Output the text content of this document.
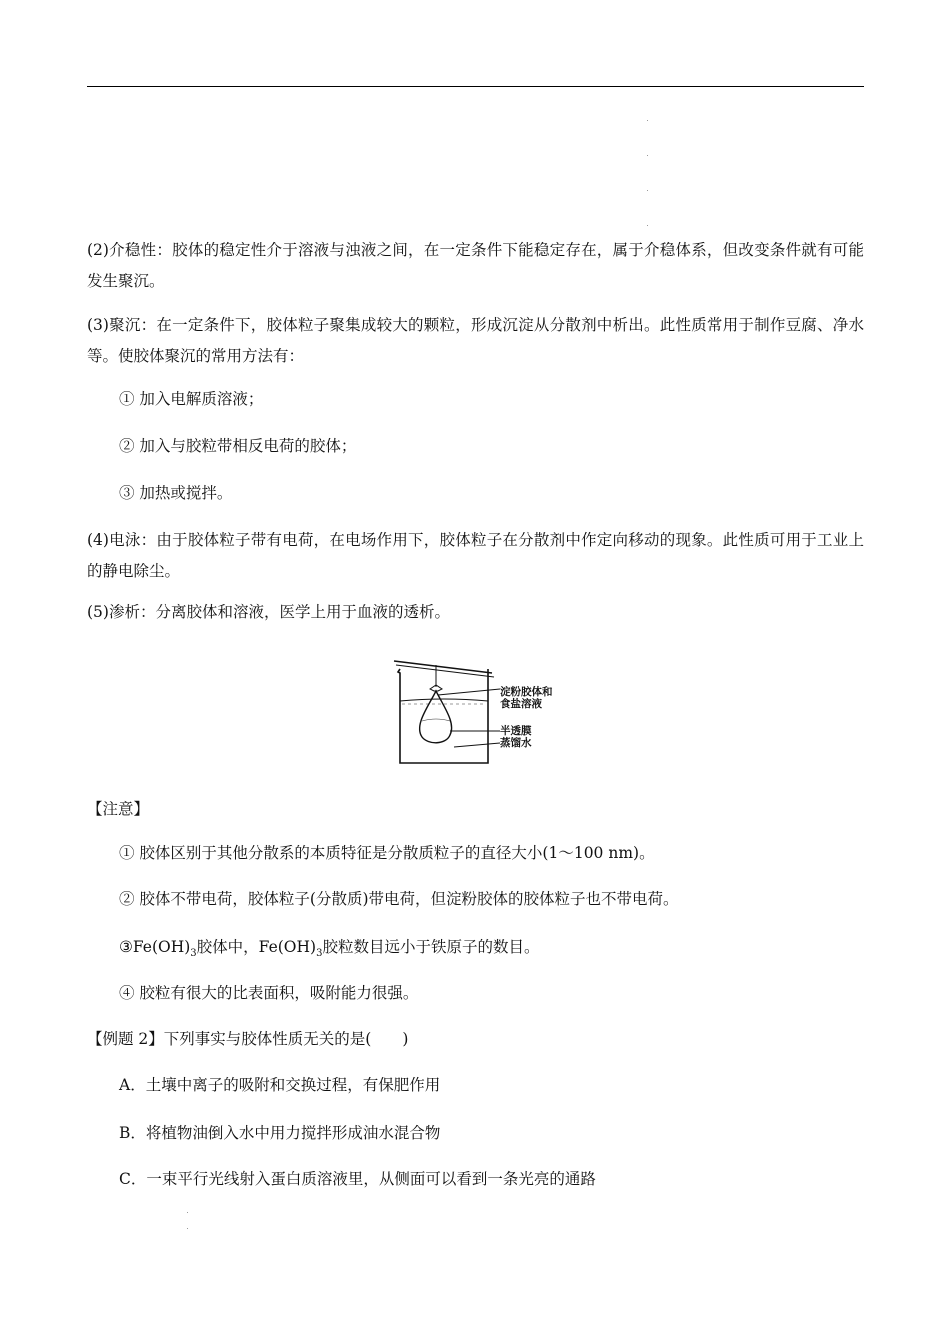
(2)介稳性：胶体的稳定性介于溶液与浊液之间，在一定条件下能稳定存在，属于介稳体系，但改变条件就有可能发生聚沉。

(3)聚沉：在一定条件下，胶体粒子聚集成较大的颗粒，形成沉淀从分散剂中析出。此性质常用于制作豆腐、净水等。使胶体聚沉的常用方法有：

① 加入电解质溶液；

② 加入与胶粒带相反电荷的胶体；

③ 加热或搅拌。

(4)电泳：由于胶体粒子带有电荷，在电场作用下，胶体粒子在分散剂中作定向移动的现象。此性质可用于工业上的静电除尘。

(5)渗析：分离胶体和溶液，医学上用于血液的透析。

淀粉胶体和
食盐溶液
半透膜
蒸馏水

【注意】

① 胶体区别于其他分散系的本质特征是分散质粒子的直径大小(1～100 nm)。

② 胶体不带电荷，胶体粒子(分散质)带电荷，但淀粉胶体的胶体粒子也不带电荷。

$③Fe(OH)_3$胶体中，$Fe(OH)_3$胶粒数目远小于铁原子的数目。

④ 胶粒有很大的比表面积，吸附能力很强。

【例题 2】下列事实与胶体性质无关的是(　　)

A．土壤中离子的吸附和交换过程，有保肥作用

B．将植物油倒入水中用力搅拌形成油水混合物

C．一束平行光线射入蛋白质溶液里，从侧面可以看到一条光亮的通路
